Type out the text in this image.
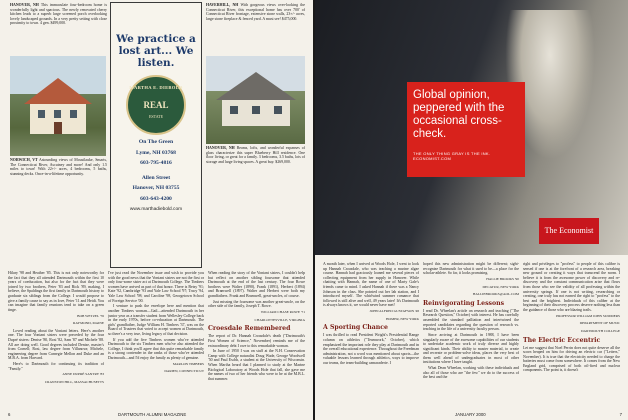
HANOVER, NH This immaculate four-bedroom home is wonderfully light and spacious. The newly renovated cherry kitchen leads to a superb large screened porch overlooking lovely landscaped grounds. In a very pretty setting with close proximity to town. 4 gen. $499,000.

NORWICH, VT Astounding views of Mousilauke, Smarts, The Connecticut River, Ascutney and more! And only 1.5 miles to town! With 22+/- acres, 4 bedrooms, 5 baths, stunning decks. Once-in-a-lifetime opportunity.

We practice a lost art... We listen.
MARTHA E. DIEBOLD
REAL
ESTATE
On The Green
Lyme, NH 03768
603-795-4816
Allen Street
Hanover, NH 03755
603-643-4200
www.marthadiebold.com

HAVERHILL, NH With gorgeous views over-looking the Connecticut River, this exceptional home has over 700' of Connecticut River frontage, extensive stone walls, 23+/- acres, large stone fireplace & fenced yard. A must see! $475,000.

HANOVER, NH Beams, lofts, and wonderful expanses of glass characterize this super Blueberry Hill residence. One floor living, or great for a family. 3 bedrooms, 3.5 baths, lots of storage and large living spaces. A great buy. $269,000.

Hilary '98 and Heather '85. This is not only noteworthy for the fact that they all attended Dartmouth within the first 10 years of coeducation, but also for the fact that they were joined by two brothers, Peter '83 and Rick '89, making, I believe, the Spaldings the first family in Dartmouth history to graduate six siblings from the College. I would propose to give a family cause to say as in love, Peter '11 and Heidi. You can imagine that family reunions tend to take on a green tinge.

BOB WETZEL '76

RAYMOND, MAINE

Loved reading about the Voniani letters. Here's another one. The four Voniani sisters were preceded by the four Dupré sisters: Denise '80, Rosi '82, Sam '87 and Michele '88. All are doing well. Good degrees included Denise, master's from Cornell; Rosi, law degree from Villanova; Michele, engineering degree from Carnegie Mellon and Duke and an M.B.A. from Harvard.

Here's to Dartmouth for continuing its tradition of "Family."

ANNE DUPRÉ SANTRY '83

CRANSTON HILL, MASSACHUSETTS

I've just read the November issue and wish to provide you with the good news that the Voniani sisters are not the first or only four-some sister act at Dartmouth College. The Timbers women have arrived as part of that honor. There is Betsy '91; Kate '92, Cambridge '93 and Yale Law School '97; Tracy '94, Yale Law School '98; and Caroline '98, Georgetown School of Foreign Service '00.

I venture to push the envelope here and mention that another Timbers woman—Gail—attended Dartmouth in her junior year as a transfer student from Wellesley College back in the early 1970s, before co-education at Dartmouth. The girls' grandfather, Judge William H. Timbers '37, was on the Board of Trustees that voted to accept women at Dartmouth, so there's a very true, living legacy of that decision.

If you add the five Timbers women who've attended Dartmouth to the six Timbers men who've also attended the College, I think you'll agree that this quite remarkable family is a strong contender in the ranks of those who've attended Dartmouth—and I'd enjoy the family as plenty of genuine.

MARLON TIMBERS

DARIEN, CONNECTICUT

When reading the story of the Voniani sisters, I couldn't help but reflect on another sibling foursome that attended Dartmouth at the end of the last century. The four Rowe brothers were Walter (1890), Frank (1891), Herbert (1894) and Bramwell (1897). Walter and Herbert were both my grandfathers. Frank and Bramwell, great-uncles, of course.

Just missing the foursome was another great-uncle, on the other side of the family, Joseph T. Rowe.

WILLIAM CHASE ROWE '71

CHARLOTTESVILLE, VIRGINIA

Croesdale Remembered

The report of Dr. Hannah Croasdale's death ("Dartmouth's First Women of Science," November) reminds me of the extraordinary debt I owe to this remarkable woman.

In June of 1950 I was on staff at the N.H. Conservation Camp with College naturalist Doug Wade, George Woodwell '50 and Paul Eschb, a student at the University of Wisconsin. When Martha heard that I planned to study at the Marine Biological Laboratory at Woods Hole that fall, she gave me the names of two of her friends who were to be at the M.B.L. that summer.

6	DARTMOUTH ALUMNI MAGAZINE
Global opinion, peppered with the occasional cross-check.
THE ONLY THING GRAY IS THE INK. ECONOMIST.COM
The Economist

A month later, when I arrived at Woods Hole, I went to look up Hannah Croasdale, who was teaching a marine algae course. Hannah had graciously loaned me several pieces of collecting equipment from her supply in Hanover. While chatting with Hannah, the name of one of Marty Gale's friends came to mind. I asked Hannah if there was a Nancy Johnson in the class. She pointed out her lab station, and I introduced myself. The whirlwind summer romance that followed is still alive and well, 49 years later! It's Dartmouth is always knows it, we would never have met!

JOHN ALFRED GUSTAFSON '48

HOMER, NEW YORK

A Sporting Chance

I was thrilled to read President Wright's Presidential Range column on athletics ("Teamwork," October), which emphasized the important role they play at Dartmouth and in the overall educational experience. Throughout the Freedman administration, not a word was mentioned about sports—the valuable lessons learned through athletics, ways to improve our teams, the team-building camaraderie. I

hoped this new administration might be different; sight-recognize Dartmouth for what it used to be—a place for the scholar-athlete. So far, it looks promising.

HALLIE BROOKS '90

DECATUR, NEW YORK

HALLIEBROOKS@AOL.COM

Reinvigorating Lessons

I read Dr. Wheelan's article on research and teaching ("The Research Question," October) with interest. He has carefully assembled the standard palliation and intertwined the reported candidates regarding the question of research vs. teaching in the life of a university faculty person.

Since arriving at Dartmouth in 1988, I have been singularly aware of the awesome capabilities of our students to undertake academic work of truly diverse and highly significant kinds. Their ability to master material, to create and recreate or problem-solve ideas, places the very best of them well ahead of undergraduates in most of other institutions where I have taught.

What Dean Wheelan, working with these individuals and also all of those who are "the few" we do to the success of the best and the

right and privileges to "profess" to people of this calibre is sensed if one is at the forefront of a research area, breaking new ground or creating it ways that transcend the norm. I believe it is from the awesome power of discovery and re-discovery and the constant communication arise that flows from those who see the validity of all professing within the university springs. If one is not writing, researching or creating, one truly has not earned the right to "profess" to the best and the brightest. Individuals of this caliber at the beginning of their discovery process deserve nothing less than the guidance of those who are blazing trails.

PROFESSOR WILLIAM JOHN SUMMERS

DEPARTMENT OF MUSIC

DARTMOUTH COLLEGE

The Electric Eccentric

Let me suggest that Noel Perrin does not quite deserve all the scorn heaped on him for driving an electric car ("Letters," November). It is true that the electricity needed to charge the batteries must come from somewhere. It comes from the New England grid, comprised of both oil-fired and nuclear components. The point is, it doesn't

JANUARY 2000	7
